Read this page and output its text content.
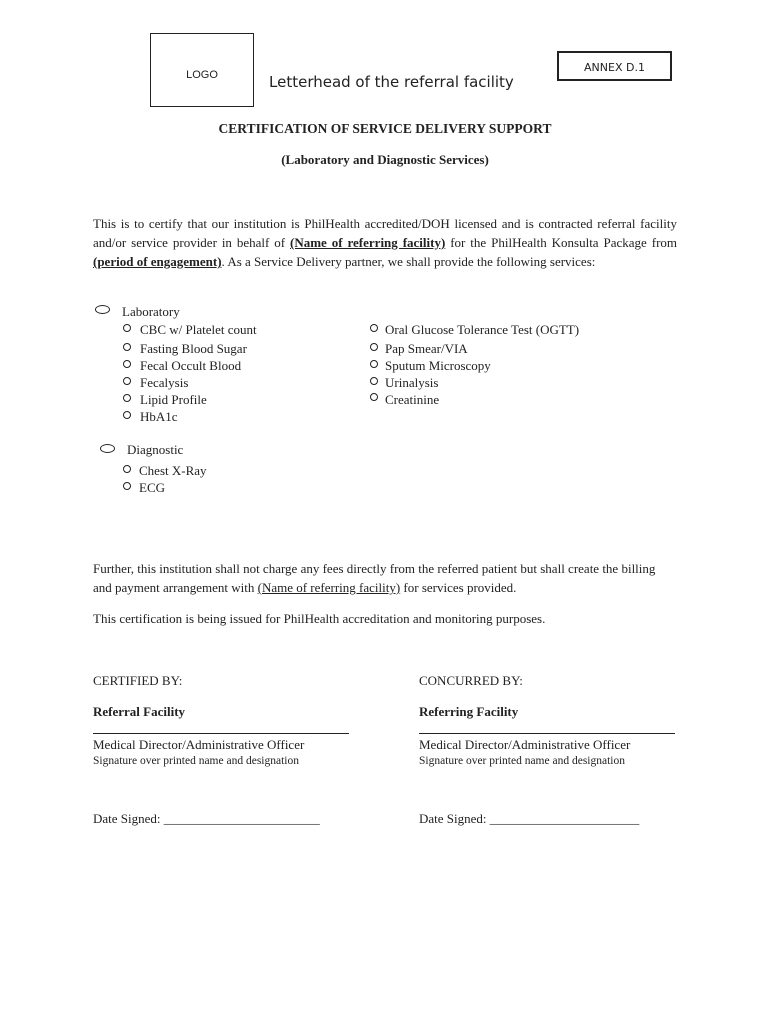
LOGO	Letterhead of the referral facility
ANNEX D.1
CERTIFICATION OF SERVICE DELIVERY SUPPORT
(Laboratory and Diagnostic Services)
This is to certify that our institution is PhilHealth accredited/DOH licensed and is contracted referral facility and/or service provider in behalf of (Name of referring facility) for the PhilHealth Konsulta Package from (period of engagement). As a Service Delivery partner, we shall provide the following services:
Laboratory
CBC w/ Platelet count
Fasting Blood Sugar
Fecal Occult Blood
Fecalysis
Lipid Profile
HbA1c
Oral Glucose Tolerance Test (OGTT)
Pap Smear/VIA
Sputum Microscopy
Urinalysis
Creatinine
Diagnostic
Chest X-Ray
ECG
Further, this institution shall not charge any fees directly from the referred patient but shall create the billing and payment arrangement with (Name of referring facility) for services provided.
This certification is being issued for PhilHealth accreditation and monitoring purposes.
CERTIFIED BY:
Referral Facility
Medical Director/Administrative Officer
Signature over printed name and designation
Date Signed: ________________________
CONCURRED BY:
Referring Facility
Medical Director/Administrative Officer
Signature over printed name and designation
Date Signed: _______________________
